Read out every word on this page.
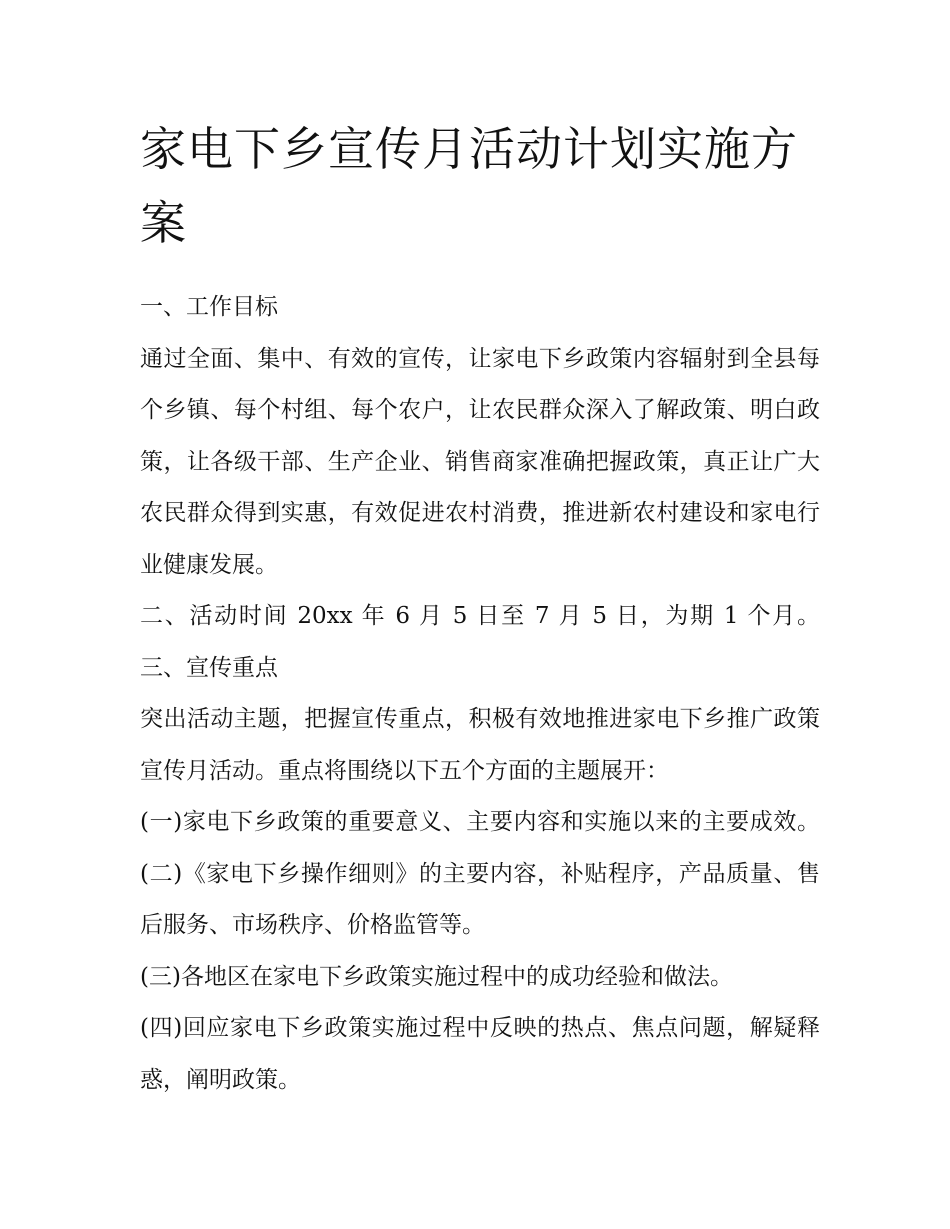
家电下乡宣传月活动计划实施方案

一、工作目标

通过全面、集中、有效的宣传，让家电下乡政策内容辐射到全县每个乡镇、每个村组、每个农户，让农民群众深入了解政策、明白政策，让各级干部、生产企业、销售商家准确把握政策，真正让广大农民群众得到实惠，有效促进农村消费，推进新农村建设和家电行业健康发展。

二、活动时间 20xx 年 6 月 5 日至 7 月 5 日，为期 1 个月。 三、宣传重点

突出活动主题，把握宣传重点，积极有效地推进家电下乡推广政策宣传月活动。重点将围绕以下五个方面的主题展开：

(一)家电下乡政策的重要意义、主要内容和实施以来的主要成效。 (二)《家电下乡操作细则》的主要内容，补贴程序，产品质量、售后服务、市场秩序、价格监管等。

(三)各地区在家电下乡政策实施过程中的成功经验和做法。

(四)回应家电下乡政策实施过程中反映的热点、焦点问题，解疑释惑，阐明政策。
